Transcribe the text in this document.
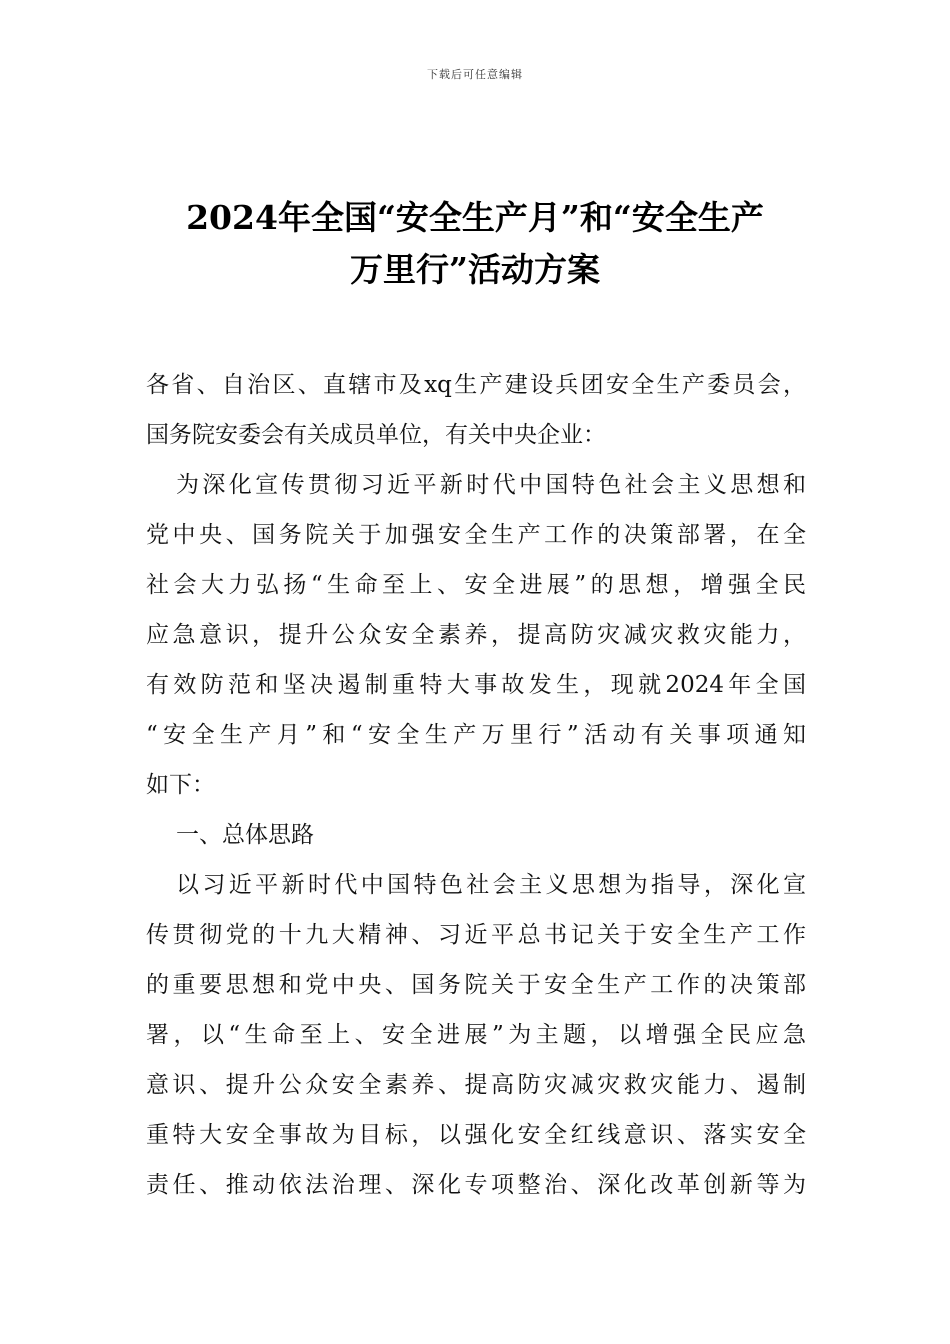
下载后可任意编辑
2024年全国“安全生产月”和“安全生产
万里行”活动方案
各省、自治区、直辖市及xq生产建设兵团安全生产委员会，
国务院安委会有关成员单位，有关中央企业：
为深化宣传贯彻习近平新时代中国特色社会主义思想和
党中央、国务院关于加强安全生产工作的决策部署，在全
社会大力弘扬“生命至上、安全进展”的思想，增强全民
应急意识，提升公众安全素养，提高防灾减灾救灾能力，
有效防范和坚决遏制重特大事故发生，现就2024年全国
“安全生产月”和“安全生产万里行”活动有关事项通知
如下：
一、总体思路
以习近平新时代中国特色社会主义思想为指导，深化宣
传贯彻党的十九大精神、习近平总书记关于安全生产工作
的重要思想和党中央、国务院关于安全生产工作的决策部
署，以“生命至上、安全进展”为主题，以增强全民应急
意识、提升公众安全素养、提高防灾减灾救灾能力、遏制
重特大安全事故为目标，以强化安全红线意识、落实安全
责任、推动依法治理、深化专项整治、深化改革创新等为
